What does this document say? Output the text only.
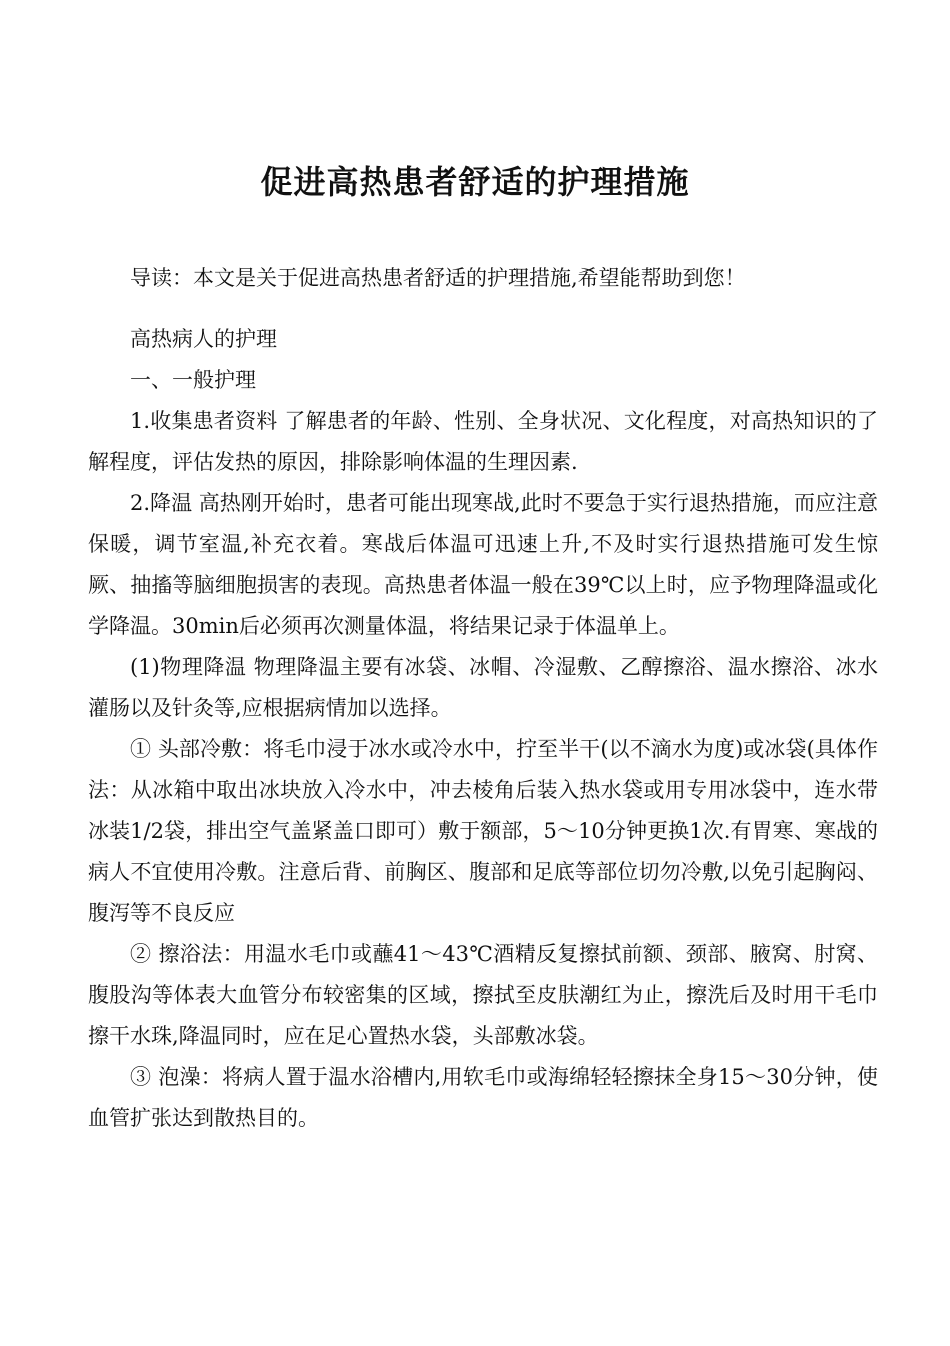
促进高热患者舒适的护理措施

导读：本文是关于促进高热患者舒适的护理措施,希望能帮助到您！

高热病人的护理

一、一般护理

1.收集患者资料 了解患者的年龄、性别、全身状况、文化程度，对高热知识的了解程度，评估发热的原因，排除影响体温的生理因素.

2.降温 高热刚开始时，患者可能出现寒战,此时不要急于实行退热措施，而应注意保暖，调节室温,补充衣着。寒战后体温可迅速上升,不及时实行退热措施可发生惊厥、抽搐等脑细胞损害的表现。高热患者体温一般在39℃以上时，应予物理降温或化学降温。30min后必须再次测量体温，将结果记录于体温单上。

(1)物理降温 物理降温主要有冰袋、冰帽、冷湿敷、乙醇擦浴、温水擦浴、冰水灌肠以及针灸等,应根据病情加以选择。

① 头部冷敷：将毛巾浸于冰水或冷水中，拧至半干(以不滴水为度)或冰袋(具体作法：从冰箱中取出冰块放入冷水中，冲去棱角后装入热水袋或用专用冰袋中，连水带冰装1/2袋，排出空气盖紧盖口即可）敷于额部，5～10分钟更换1次.有胃寒、寒战的病人不宜使用冷敷。注意后背、前胸区、腹部和足底等部位切勿冷敷,以免引起胸闷、腹泻等不良反应

② 擦浴法：用温水毛巾或蘸41～43℃酒精反复擦拭前额、颈部、腋窝、肘窝、腹股沟等体表大血管分布较密集的区域，擦拭至皮肤潮红为止，擦洗后及时用干毛巾擦干水珠,降温同时，应在足心置热水袋，头部敷冰袋。

③ 泡澡：将病人置于温水浴槽内,用软毛巾或海绵轻轻擦抹全身15～30分钟，使血管扩张达到散热目的。
